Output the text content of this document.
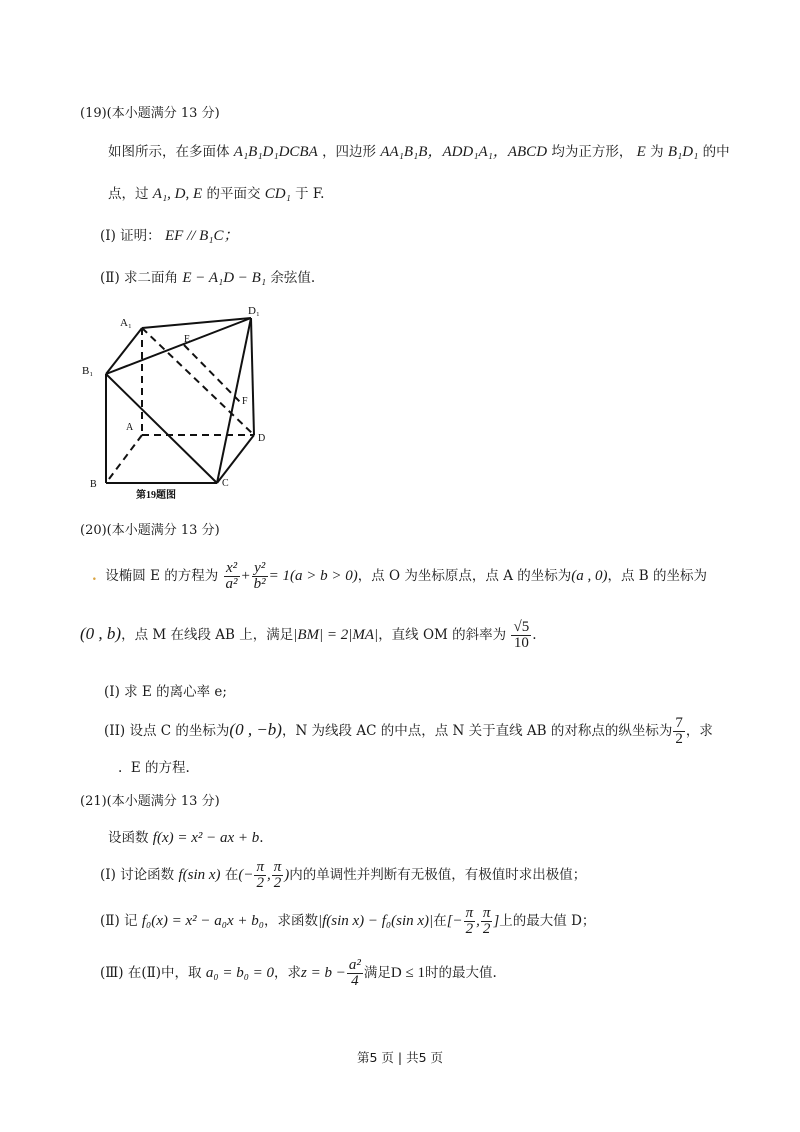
(19)(本小题满分 13 分)
如图所示，在多面体 A₁B₁D₁DCBA ，四边形 AA₁B₁B，ADD₁A₁，ABCD 均为正方形， E 为 B₁D₁ 的中
点，过 A₁, D, E 的平面交 CD₁ 于 F.
(Ⅰ) 证明： EF // B₁C；
(Ⅱ) 求二面角 E − A₁D − B₁ 余弦值.
A₁
D₁
B₁
E
F
A
D
B	C
第19题图
(20)(本小题满分 13 分)
. 设椭圆 E 的方程为 $\frac{\text{x²}}{\text{a²}} + \frac{\text{y²}}{\text{b²}} = 1(a > b > 0)$，点 O 为坐标原点，点 A 的坐标为(a , 0)，点 B 的坐标为
(0 , b)，点 M 在线段 AB 上，满足|BM| = 2|MA|，直线 OM 的斜率为 $\frac{√5}{10}$ .
(I) 求 E 的离心率 e;
(II) 设点 C 的坐标为(0 , −b)，N 为线段 AC 的中点，点 N 关于直线 AB 的对称点的纵坐标为 $\frac{7}{2}$ ，求
. E 的方程.
(21)(本小题满分 13 分)
设函数 f(x) = x² − ax + b.
(Ⅰ) 讨论函数 f(sin x) 在(− $\frac{\pi}{2}$ , $\frac{\pi}{2}$ )内的单调性并判断有无极值，有极值时求出极值；
(Ⅱ) 记 f₀(x) = x² − a₀x + b₀，求函数|f(sin x) − f₀(sin x)|在[− $\frac{\pi}{2}$ , $\frac{\pi}{2}$ ]上的最大值 D；
(Ⅲ) 在(Ⅱ)中，取 a₀ = b₀ = 0，求$z = b - \frac{\text{a²}}{4}$ 满足D ≤ 1时的最大值.
第5 页 | 共5 页
